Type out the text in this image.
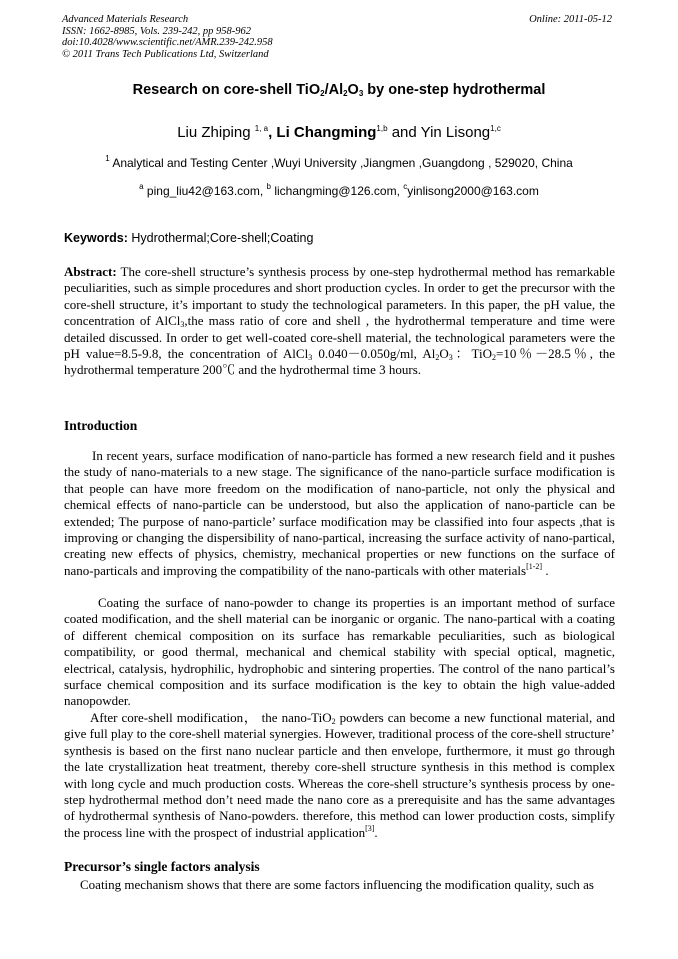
Advanced Materials Research
ISSN: 1662-8985, Vols. 239-242, pp 958-962
doi:10.4028/www.scientific.net/AMR.239-242.958
© 2011 Trans Tech Publications Ltd, Switzerland
Online: 2011-05-12
Research on core-shell $TiO_2/Al_2O_3$ by one-step hydrothermal
Liu Zhiping $^{1, a}$, Li Changming$^{1,b}$ and Yin Lisong$^{1,c}$
$^1$ Analytical and Testing Center ,Wuyi University ,Jiangmen ,Guangdong , 529020, China
$^a$ ping_liu42@163.com, $^b$ lichangming@126.com, $^c$yinlisong2000@163.com
Keywords: Hydrothermal;Core-shell;Coating

Abstract: The core-shell structure’s synthesis process by one-step hydrothermal method has remarkable peculiarities, such as simple procedures and short production cycles. In order to get the precursor with the core-shell structure, it’s important to study the technological parameters. In this paper, the pH value, the concentration of AlCl$_3$,the mass ratio of core and shell , the hydrothermal temperature and time were detailed discussed. In order to get well-coated core-shell material, the technological parameters were the pH value=8.5-9.8, the concentration of AlCl$_3$ 0.040－0.050g/ml, $Al_2O_3$：TiO$_2$=10％－28.5％, the hydrothermal temperature 200℃ and the hydrothermal time 3 hours.

Introduction

In recent years, surface modification of nano-particle has formed a new research field and it pushes the study of nano-materials to a new stage. The significance of the nano-particle surface modification is that people can have more freedom on the modification of nano-particle, not only the physical and chemical effects of nano-particle can be understood, but also the application of nano-particle can be extended; The purpose of nano-particle’ surface modification may be classified into four aspects ,that is improving or changing the dispersibility of nano-partical, increasing the surface activity of nano-partical, creating new effects of physics, chemistry, mechanical properties or new functions on the surface of nano-particals and improving the compatibility of the nano-particals with other materials[1-2] .

Coating the surface of nano-powder to change its properties is an important method of surface coated modification, and the shell material can be inorganic or organic. The nano-partical with a coating of different chemical composition on its surface has remarkable peculiarities, such as biological compatibility, or good thermal, mechanical and chemical stability with special optical, magnetic, electrical, catalysis, hydrophilic, hydrophobic and sintering properties. The control of the nano partical’s surface chemical composition and its surface modification is the key to obtain the high value-added nanopowder.

After core-shell modification， the nano-TiO$_2$ powders can become a new functional material, and give full play to the core-shell material synergies. However, traditional process of the core-shell structure’ synthesis is based on the first nano nuclear particle and then envelope, furthermore, it must go through the late crystallization heat treatment, thereby core-shell structure synthesis in this method is complex with long cycle and much production costs. Whereas the core-shell structure’s synthesis process by one-step hydrothermal method don’t need made the nano core as a prerequisite and has the same advantages of hydrothermal synthesis of Nano-powders. therefore, this method can lower production costs, simplify the process line with the prospect of industrial application[3].

Precursor’s single factors analysis

Coating mechanism shows that there are some factors influencing the modification quality, such as
